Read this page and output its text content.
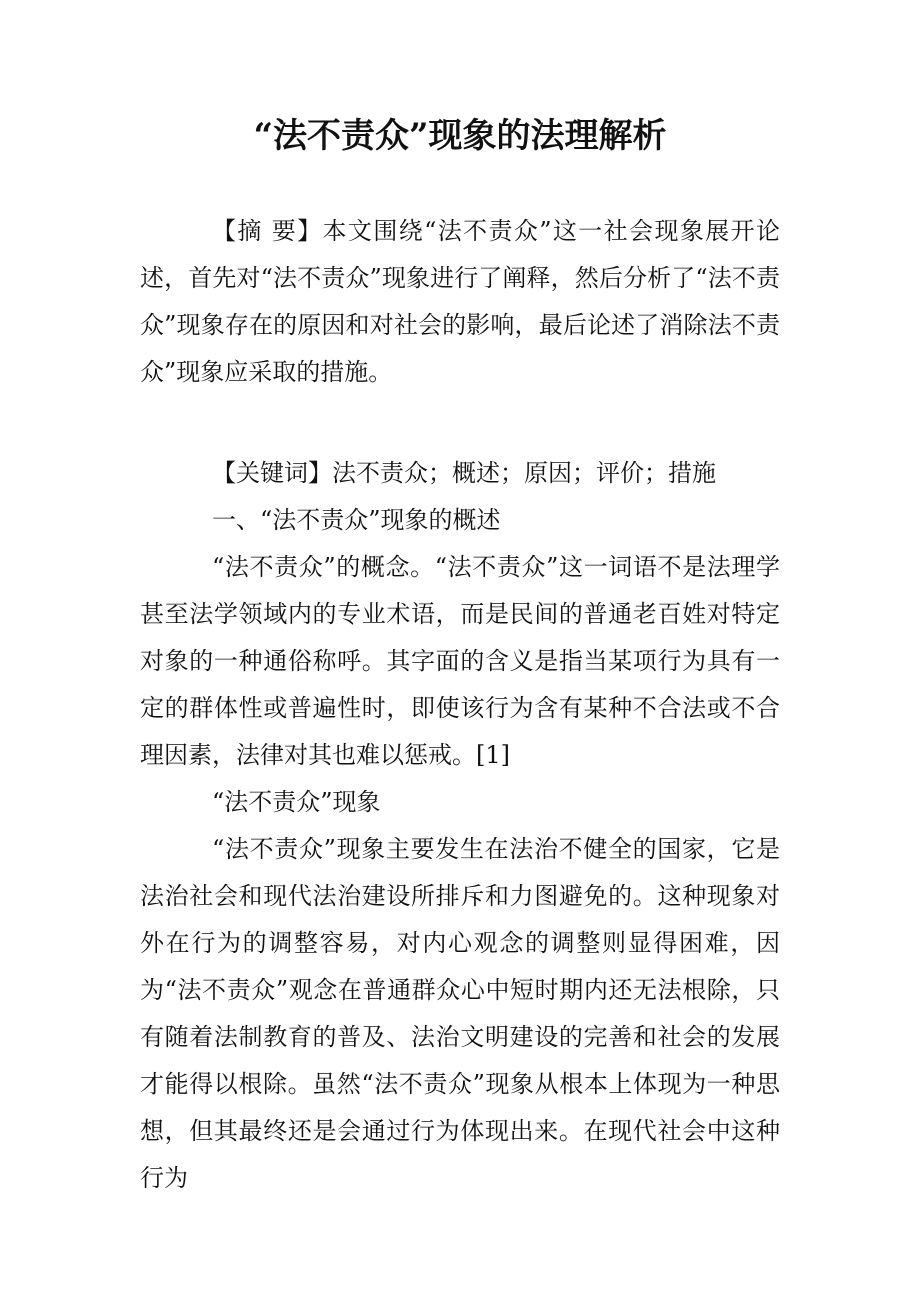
“法不责众”现象的法理解析

【摘 要】本文围绕“法不责众”这一社会现象展开论述，首先对“法不责众”现象进行了阐释，然后分析了“法不责众”现象存在的原因和对社会的影响，最后论述了消除法不责众”现象应采取的措施。

【关键词】法不责众；概述；原因；评价；措施

一、“法不责众”现象的概述

“法不责众”的概念。“法不责众”这一词语不是法理学甚至法学领域内的专业术语，而是民间的普通老百姓对特定对象的一种通俗称呼。其字面的含义是指当某项行为具有一定的群体性或普遍性时，即使该行为含有某种不合法或不合理因素，法律对其也难以惩戒。[1]

“法不责众”现象

“法不责众”现象主要发生在法治不健全的国家，它是法治社会和现代法治建设所排斥和力图避免的。这种现象对外在行为的调整容易，对内心观念的调整则显得困难，因为“法不责众”观念在普通群众心中短时期内还无法根除，只有随着法制教育的普及、法治文明建设的完善和社会的发展才能得以根除。虽然“法不责众”现象从根本上体现为一种思想，但其最终还是会通过行为体现出来。在现代社会中这种行为
